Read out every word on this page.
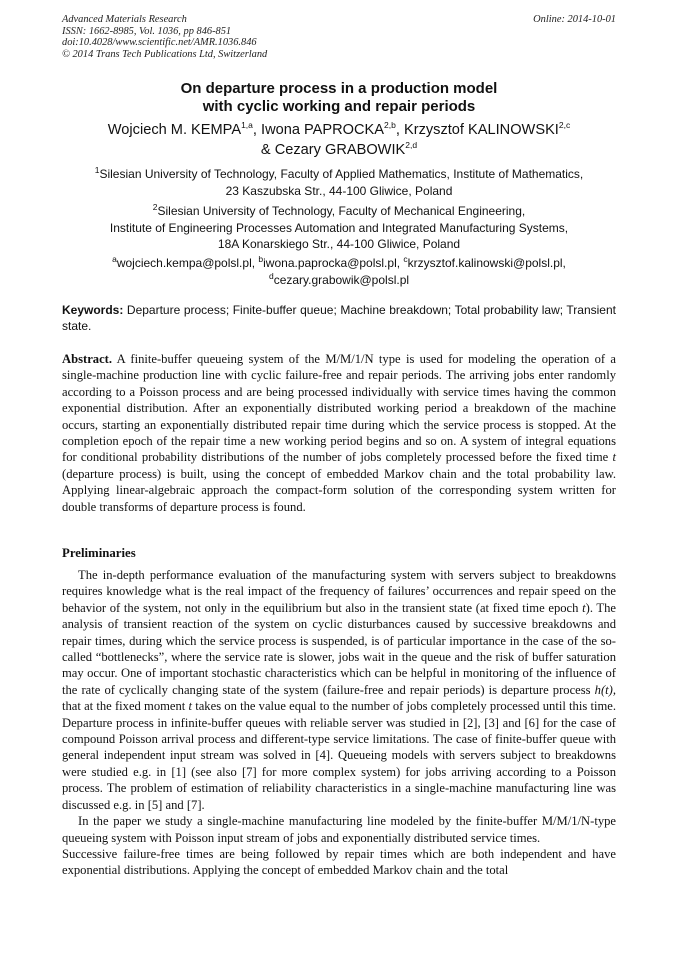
Advanced Materials Research
ISSN: 1662-8985, Vol. 1036, pp 846-851
doi:10.4028/www.scientific.net/AMR.1036.846
© 2014 Trans Tech Publications Ltd, Switzerland
Online: 2014-10-01
On departure process in a production model
with cyclic working and repair periods
Wojciech M. KEMPA$^{1,a}$, Iwona PAPROCKA$^{2,b}$, Krzysztof KALINOWSKI$^{2,c}$
& Cezary GRABOWIK$^{2,d}$
$^1$Silesian University of Technology, Faculty of Applied Mathematics, Institute of Mathematics,
23 Kaszubska Str., 44-100 Gliwice, Poland
$^2$Silesian University of Technology, Faculty of Mechanical Engineering,
Institute of Engineering Processes Automation and Integrated Manufacturing Systems,
18A Konarskiego Str., 44-100 Gliwice, Poland
$^a$wojciech.kempa@polsl.pl, $^b$iwona.paprocka@polsl.pl, $^c$krzysztof.kalinowski@polsl.pl,
$^d$cezary.grabowik@polsl.pl
Keywords: Departure process; Finite-buffer queue; Machine breakdown; Total probability law; Transient state.
Abstract. A finite-buffer queueing system of the M/M/1/N type is used for modeling the operation of a single-machine production line with cyclic failure-free and repair periods. The arriving jobs enter randomly according to a Poisson process and are being processed individually with service times having the common exponential distribution. After an exponentially distributed working period a breakdown of the machine occurs, starting an exponentially distributed repair time during which the service process is stopped. At the completion epoch of the repair time a new working period begins and so on. A system of integral equations for conditional probability distributions of the number of jobs completely processed before the fixed time t (departure process) is built, using the concept of embedded Markov chain and the total probability law. Applying linear-algebraic approach the compact-form solution of the corresponding system written for double transforms of departure process is found.
Preliminaries
The in-depth performance evaluation of the manufacturing system with servers subject to breakdowns requires knowledge what is the real impact of the frequency of failures’ occurrences and repair speed on the behavior of the system, not only in the equilibrium but also in the transient state (at fixed time epoch t). The analysis of transient reaction of the system on cyclic disturbances caused by successive breakdowns and repair times, during which the service process is suspended, is of particular importance in the case of the so-called “bottlenecks”, where the service rate is slower, jobs wait in the queue and the risk of buffer saturation may occur. One of important stochastic characteristics which can be helpful in monitoring of the influence of the rate of cyclically changing state of the system (failure-free and repair periods) is departure process h(t), that at the fixed moment t takes on the value equal to the number of jobs completely processed until this time. Departure process in infinite-buffer queues with reliable server was studied in [2], [3] and [6] for the case of compound Poisson arrival process and different-type service limitations. The case of finite-buffer queue with general independent input stream was solved in [4]. Queueing models with servers subject to breakdowns were studied e.g. in [1] (see also [7] for more complex system) for jobs arriving according to a Poisson process. The problem of estimation of reliability characteristics in a single-machine manufacturing line was discussed e.g. in [5] and [7].
In the paper we study a single-machine manufacturing line modeled by the finite-buffer M/M/1/N-type queueing system with Poisson input stream of jobs and exponentially distributed service times.
Successive failure-free times are being followed by repair times which are both independent and have exponential distributions. Applying the concept of embedded Markov chain and the total
